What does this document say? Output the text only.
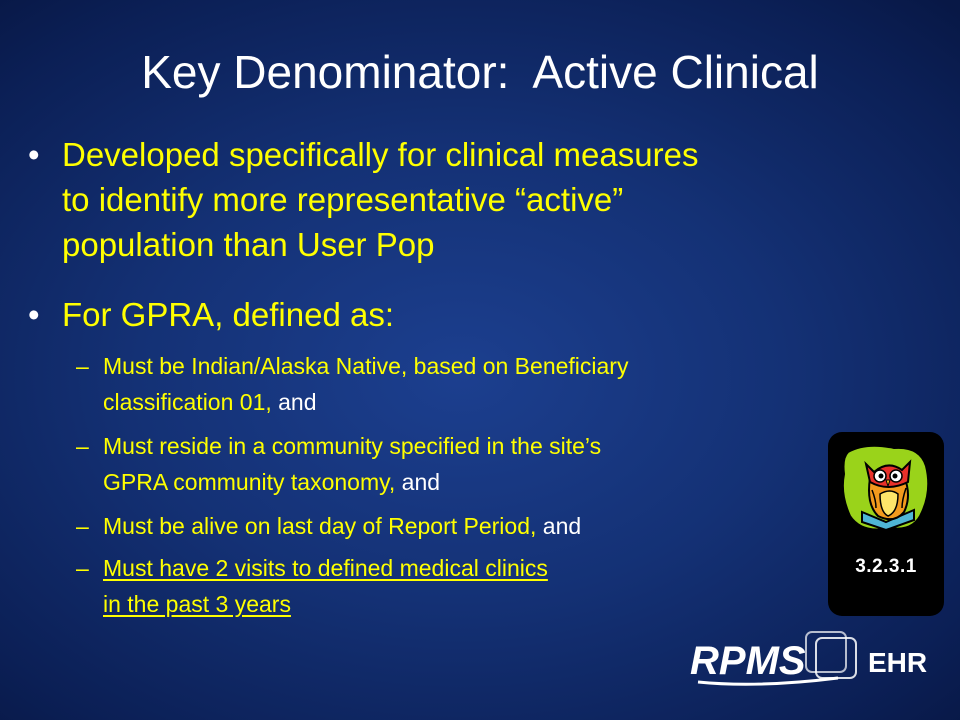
Key Denominator:  Active Clinical
• Developed specifically for clinical measures
to identify more representative “active”
population than User Pop
• For GPRA, defined as:
– Must be Indian/Alaska Native, based on Beneficiary
classification 01, and
– Must reside in a community specified in the site’s
GPRA community taxonomy, and
– Must be alive on last day of Report Period, and
– Must have 2 visits to defined medical clinics
in the past 3 years
3.2.3.1
RPMS EHR
